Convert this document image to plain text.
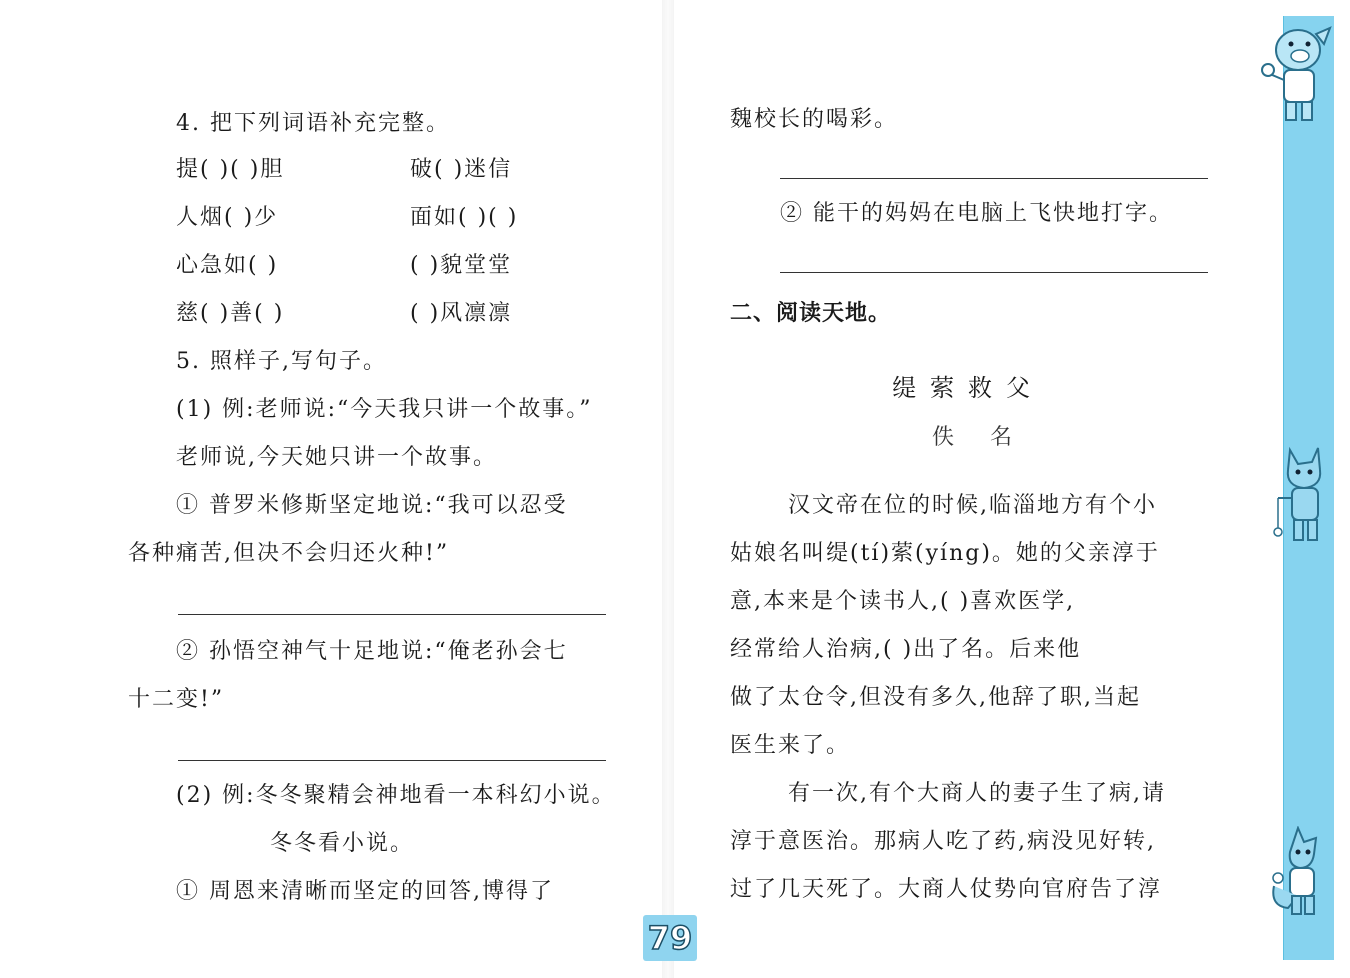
4. 把下列词语补充完整。
提( )( )胆	破( )迷信
人烟( )少	面如( )( )
心急如( )	( )貌堂堂
慈( )善( )	( )风凛凛
5. 照样子,写句子。
(1) 例:老师说:“今天我只讲一个故事。”
老师说,今天她只讲一个故事。
① 普罗米修斯坚定地说:“我可以忍受
各种痛苦,但决不会归还火种!”
② 孙悟空神气十足地说:“俺老孙会七
十二变!”
(2) 例:冬冬聚精会神地看一本科幻小说。
冬冬看小说。
① 周恩来清晰而坚定的回答,博得了
魏校长的喝彩。
② 能干的妈妈在电脑上飞快地打字。
二、阅读天地。
缇萦救父
佚名
汉文帝在位的时候,临淄地方有个小
姑娘名叫缇(tí)萦(yíng)。她的父亲淳于
意,本来是个读书人,( )喜欢医学,
经常给人治病,( )出了名。后来他
做了太仓令,但没有多久,他辞了职,当起
医生来了。
有一次,有个大商人的妻子生了病,请
淳于意医治。那病人吃了药,病没见好转,
过了几天死了。大商人仗势向官府告了淳
79
